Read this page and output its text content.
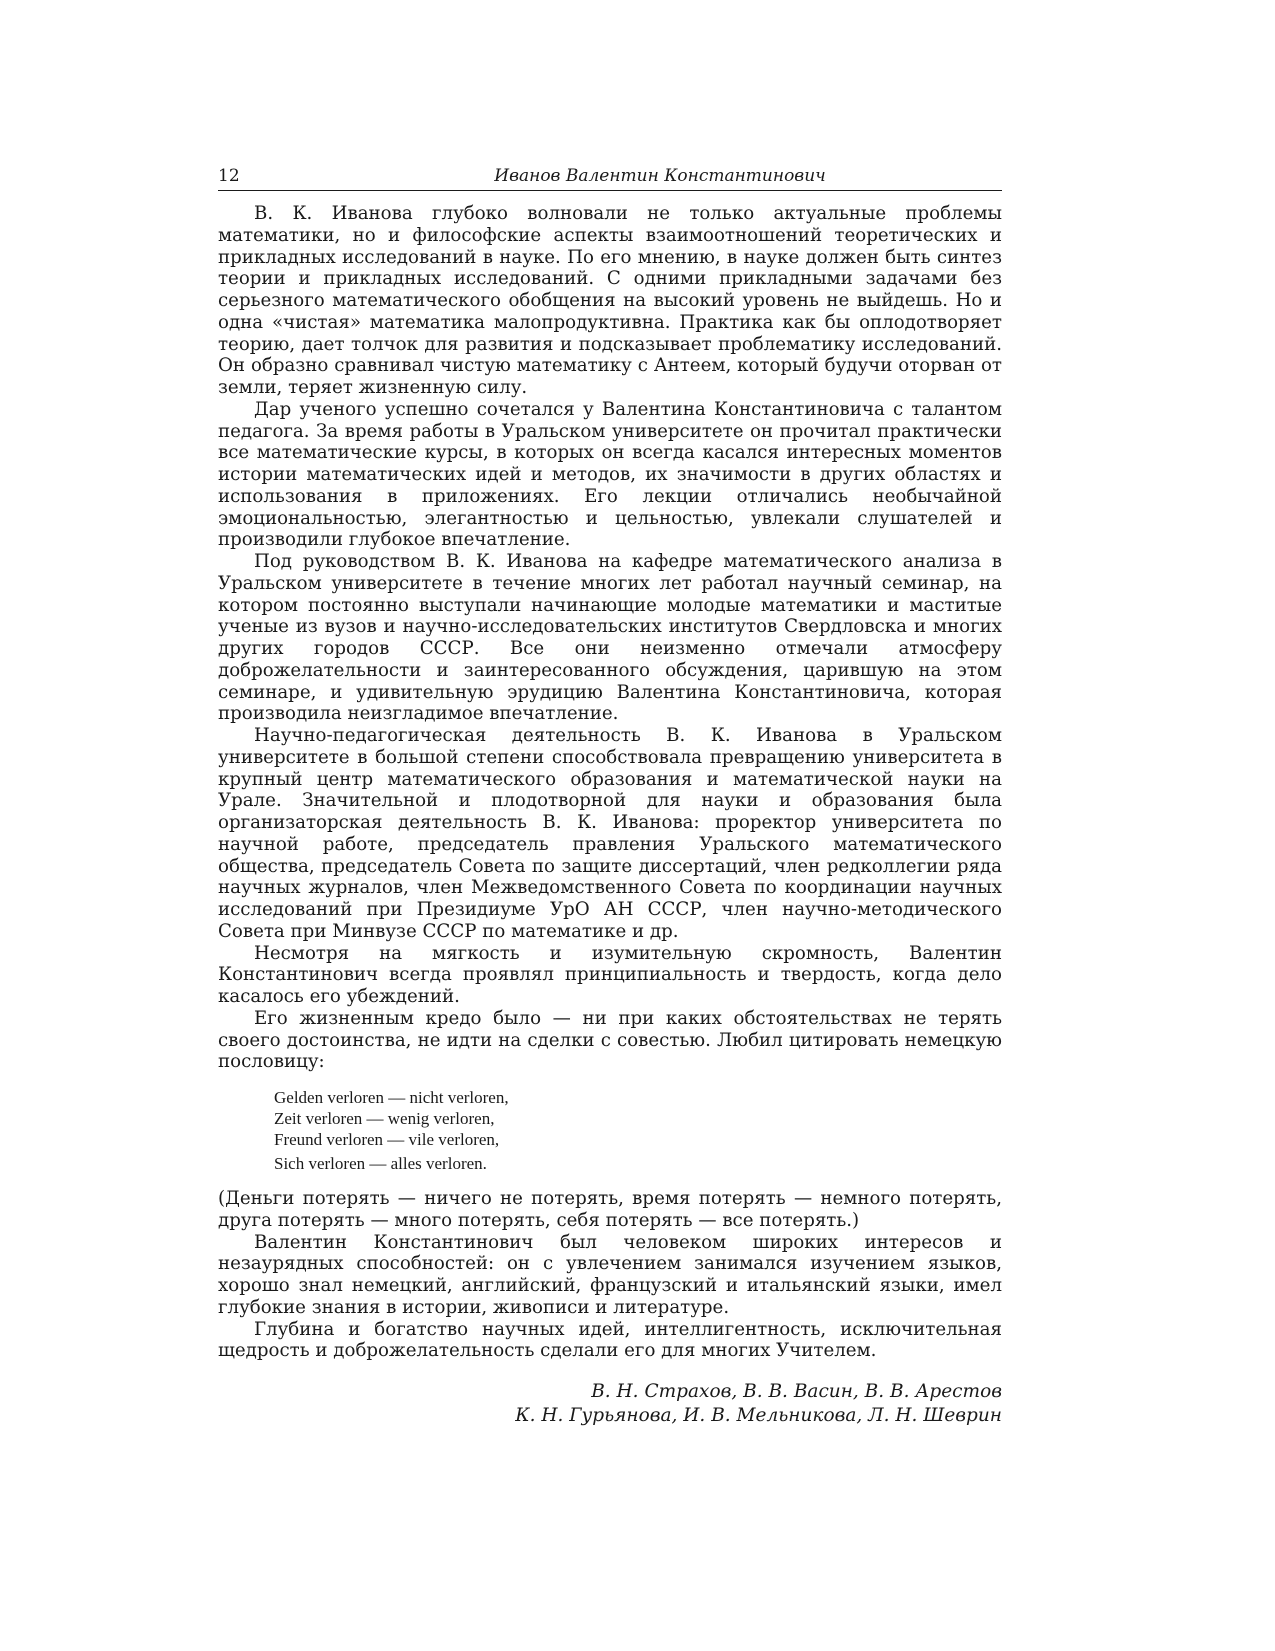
12	Иванов Валентин Константинович

В. К. Иванова глубоко волновали не только актуальные проблемы математики, но и философские аспекты взаимоотношений теоретических и прикладных исследований в науке. По его мнению, в науке должен быть синтез теории и прикладных исследований. С одними прикладными задачами без серьезного математического обобщения на высокий уровень не выйдешь. Но и одна «чистая» математика малопродуктивна. Практика как бы оплодотворяет теорию, дает толчок для развития и подсказывает проблематику исследований. Он образно сравнивал чистую математику с Антеем, который будучи оторван от земли, теряет жизненную силу.

Дар ученого успешно сочетался у Валентина Константиновича с талантом педагога. За время работы в Уральском университете он прочитал практически все математические курсы, в которых он всегда касался интересных моментов истории математических идей и методов, их значимости в других областях и использования в приложениях. Его лекции отличались необычайной эмоциональностью, элегантностью и цельностью, увлекали слушателей и производили глубокое впечатление.

Под руководством В. К. Иванова на кафедре математического анализа в Уральском университете в течение многих лет работал научный семинар, на котором постоянно выступали начинающие молодые математики и маститые ученые из вузов и научно-исследовательских институтов Свердловска и многих других городов СССР. Все они неизменно отмечали атмосферу доброжелательности и заинтересованного обсуждения, царившую на этом семинаре, и удивительную эрудицию Валентина Константиновича, которая производила неизгладимое впечатление.

Научно-педагогическая деятельность В. К. Иванова в Уральском университете в большой степени способствовала превращению университета в крупный центр математического образования и математической науки на Урале. Значительной и плодотворной для науки и образования была организаторская деятельность В. К. Иванова: проректор университета по научной работе, председатель правления Уральского математического общества, председатель Совета по защите диссертаций, член редколлегии ряда научных журналов, член Межведомственного Совета по координации научных исследований при Президиуме УрО АН СССР, член научно-методического Совета при Минвузе СССР по математике и др.

Несмотря на мягкость и изумительную скромность, Валентин Константинович всегда проявлял принципиальность и твердость, когда дело касалось его убеждений.

Его жизненным кредо было — ни при каких обстоятельствах не терять своего достоинства, не идти на сделки с совестью. Любил цитировать немецкую пословицу:

Gelden verloren — nicht verloren,
Zeit verloren — wenig verloren,
Freund verloren — vile verloren,
Sich verloren — alles verloren.

(Деньги потерять — ничего не потерять, время потерять — немного потерять, друга потерять — много потерять, себя потерять — все потерять.)

Валентин Константинович был человеком широких интересов и незаурядных способностей: он с увлечением занимался изучением языков, хорошо знал немецкий, английский, французский и итальянский языки, имел глубокие знания в истории, живописи и литературе.

Глубина и богатство научных идей, интеллигентность, исключительная щедрость и доброжелательность сделали его для многих Учителем.

В. Н. Страхов, В. В. Васин, В. В. Арестов
К. Н. Гурьянова, И. В. Мельникова, Л. Н. Шеврин
